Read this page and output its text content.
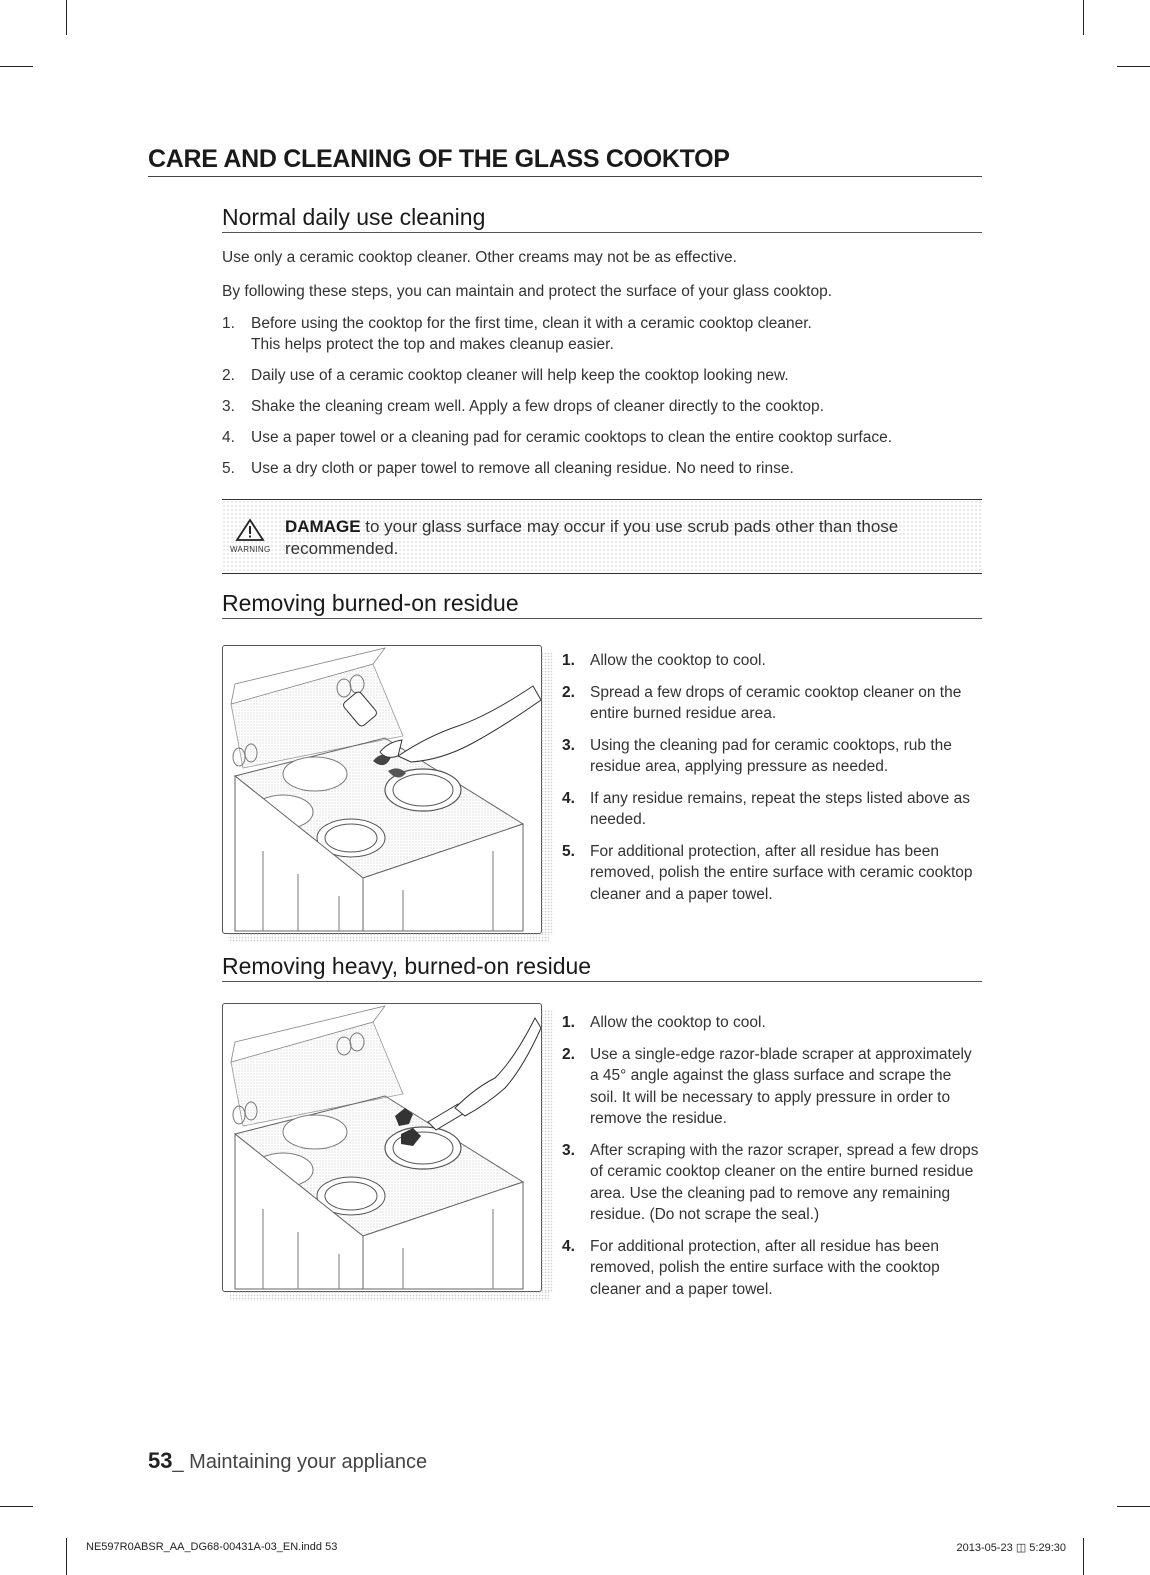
CARE AND CLEANING OF THE GLASS COOKTOP
Normal daily use cleaning
Use only a ceramic cooktop cleaner. Other creams may not be as effective.
By following these steps, you can maintain and protect the surface of your glass cooktop.
1.	Before using the cooktop for the first time, clean it with a ceramic cooktop cleaner.
This helps protect the top and makes cleanup easier.
2.	Daily use of a ceramic cooktop cleaner will help keep the cooktop looking new.
3.	Shake the cleaning cream well. Apply a few drops of cleaner directly to the cooktop.
4.	Use a paper towel or a cleaning pad for ceramic cooktops to clean the entire cooktop surface.
5.	Use a dry cloth or paper towel to remove all cleaning residue. No need to rinse.
WARNING
DAMAGE to your glass surface may occur if you use scrub pads other than those recommended.
Removing burned-on residue
1. Allow the cooktop to cool.
2. Spread a few drops of ceramic cooktop cleaner on the entire burned residue area.
3. Using the cleaning pad for ceramic cooktops, rub the residue area, applying pressure as needed.
4. If any residue remains, repeat the steps listed above as needed.
5. For additional protection, after all residue has been removed, polish the entire surface with ceramic cooktop cleaner and a paper towel.
Removing heavy, burned-on residue
1. Allow the cooktop to cool.
2. Use a single-edge razor-blade scraper at approximately a 45° angle against the glass surface and scrape the soil. It will be necessary to apply pressure in order to remove the residue.
3. After scraping with the razor scraper, spread a few drops of ceramic cooktop cleaner on the entire burned residue area. Use the cleaning pad to remove any remaining residue. (Do not scrape the seal.)
4. For additional protection, after all residue has been removed, polish the entire surface with the cooktop cleaner and a paper towel.
53_ Maintaining your appliance
NE597R0ABSR_AA_DG68-00431A-03_EN.indd 53	2013-05-23 ◫ 5:29:30
